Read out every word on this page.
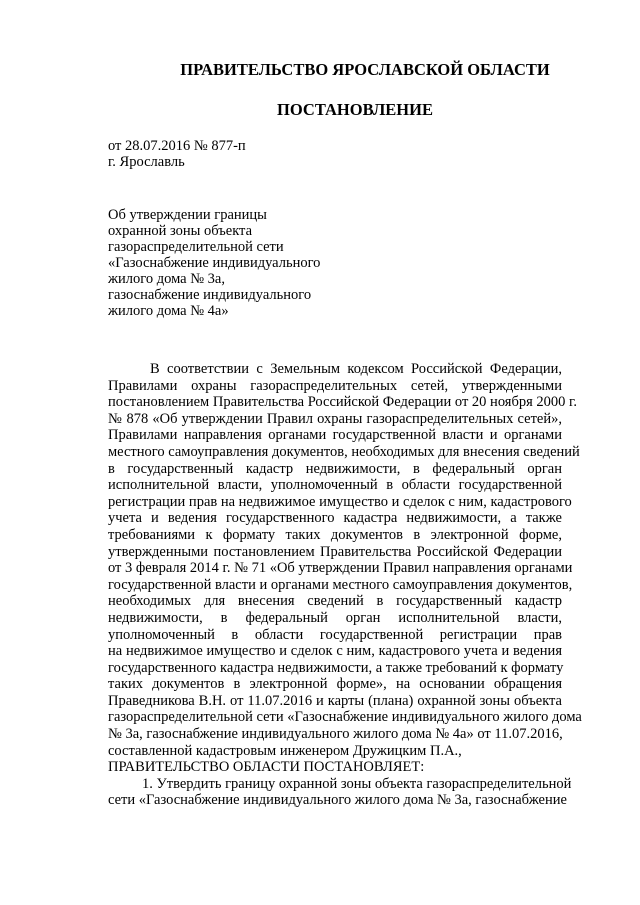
ПРАВИТЕЛЬСТВО ЯРОСЛАВСКОЙ ОБЛАСТИ
ПОСТАНОВЛЕНИЕ
от 28.07.2016 № 877-п
г. Ярославль
Об утверждении границы
охранной зоны объекта
газораспределительной сети
«Газоснабжение индивидуального
жилого дома № 3а,
газоснабжение индивидуального
жилого дома № 4а»
В соответствии с Земельным кодексом Российской Федерации,
Правилами охраны газораспределительных сетей, утвержденными
постановлением Правительства Российской Федерации от 20 ноября 2000 г.
№ 878 «Об утверждении Правил охраны газораспределительных сетей»,
Правилами направления органами государственной власти и органами
местного самоуправления документов, необходимых для внесения сведений
в государственный кадастр недвижимости, в федеральный орган
исполнительной власти, уполномоченный в области государственной
регистрации прав на недвижимое имущество и сделок с ним, кадастрового
учета и ведения государственного кадастра недвижимости, а также
требованиями к формату таких документов в электронной форме,
утвержденными постановлением Правительства Российской Федерации
от 3 февраля 2014 г. № 71 «Об утверждении Правил направления органами
государственной власти и органами местного самоуправления документов,
необходимых для внесения сведений в государственный кадастр
недвижимости, в федеральный орган исполнительной власти,
уполномоченный в области государственной регистрации прав
на недвижимое имущество и сделок с ним, кадастрового учета и ведения
государственного кадастра недвижимости, а также требований к формату
таких документов в электронной форме», на основании обращения
Праведникова В.Н. от 11.07.2016 и карты (плана) охранной зоны объекта
газораспределительной сети «Газоснабжение индивидуального жилого дома
№ 3а, газоснабжение индивидуального жилого дома № 4а» от 11.07.2016,
составленной кадастровым инженером Дружицким П.А.,
ПРАВИТЕЛЬСТВО ОБЛАСТИ ПОСТАНОВЛЯЕТ:
1. Утвердить границу охранной зоны объекта газораспределительной
сети «Газоснабжение индивидуального жилого дома № 3а, газоснабжение
